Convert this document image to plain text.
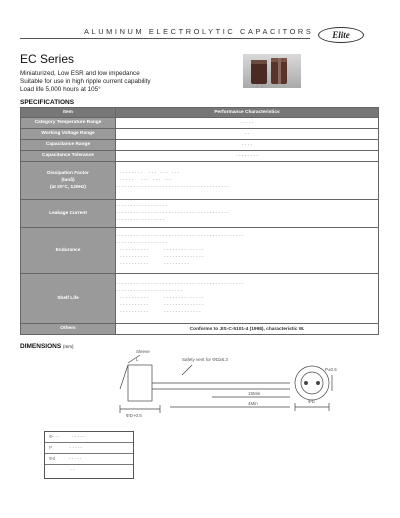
ALUMINUM ELECTROLYTIC CAPACITORS	Elite
EC Series
Miniaturized, Low ESR and low impedance
Suitable for use in high ripple current capability
Load life 5,000 hours at 105°
SPECIFICATIONS
Item	Performance Characteristics
Category Temperature Range	- - - - -
Working Voltage Range	- -
Capacitance Range	- - - -
Capacitance Tolerance	- - - - - - - -

Dissipation Factor
(tanδ)
(at 20°C, 120Hz)	- - - - - - - -     - - -   - - -   - - -
- - - - -      - - -   - - -   - - -
- - - - - - - - - - - - - - - - - - - - - - - - - - - - - - - - - - - - - - -

Leakage Current	- - - - - - - - - - - - - - - - - -
- - - - - - - - - - - - - - - - - - - - - - - - - - - - - - - - - - - - - - -
- - - - - - - - - - - - - - - - -

Endurance	- - - - - - - - - - - - - - - - - - - - - - - - - - - - - - - - - - - - - - - - - - - -
- - - - - - - - - - - - - - - - - -
- - - - - - - - - -            - - - - - - - - - - - - - -
- - - - - - - - - -            - - - - - - - - - - - - - -
- - - - - - - - - -            - - - - - - - - -

Shelf Life	- - - - - - - - - - - - - - - - - - - - - - - - - - - - - - - - - - - - - - - - - - - -
- - - - - - - - - - - - - - - - - - - - - - -
- - - - - - - - - -            - - - - - - - - - - - - - -
- - - - - - - - - -            - - - - - - - - - - - - - -
- - - - - - - - - -            - - - - - - - - - - - - -

Others	Conforms to JIS-C-5101-4 (1998), characteristic W.
DIMENSIONS (mm)
Sleeve
Safety vent for ΦD≥6.3
P±0.5
ΦD
ΦD+0.5
L
15Min
4Min
Φ- - -          - - - - -
P              - - - - -
Φd           - - - - -
- -
